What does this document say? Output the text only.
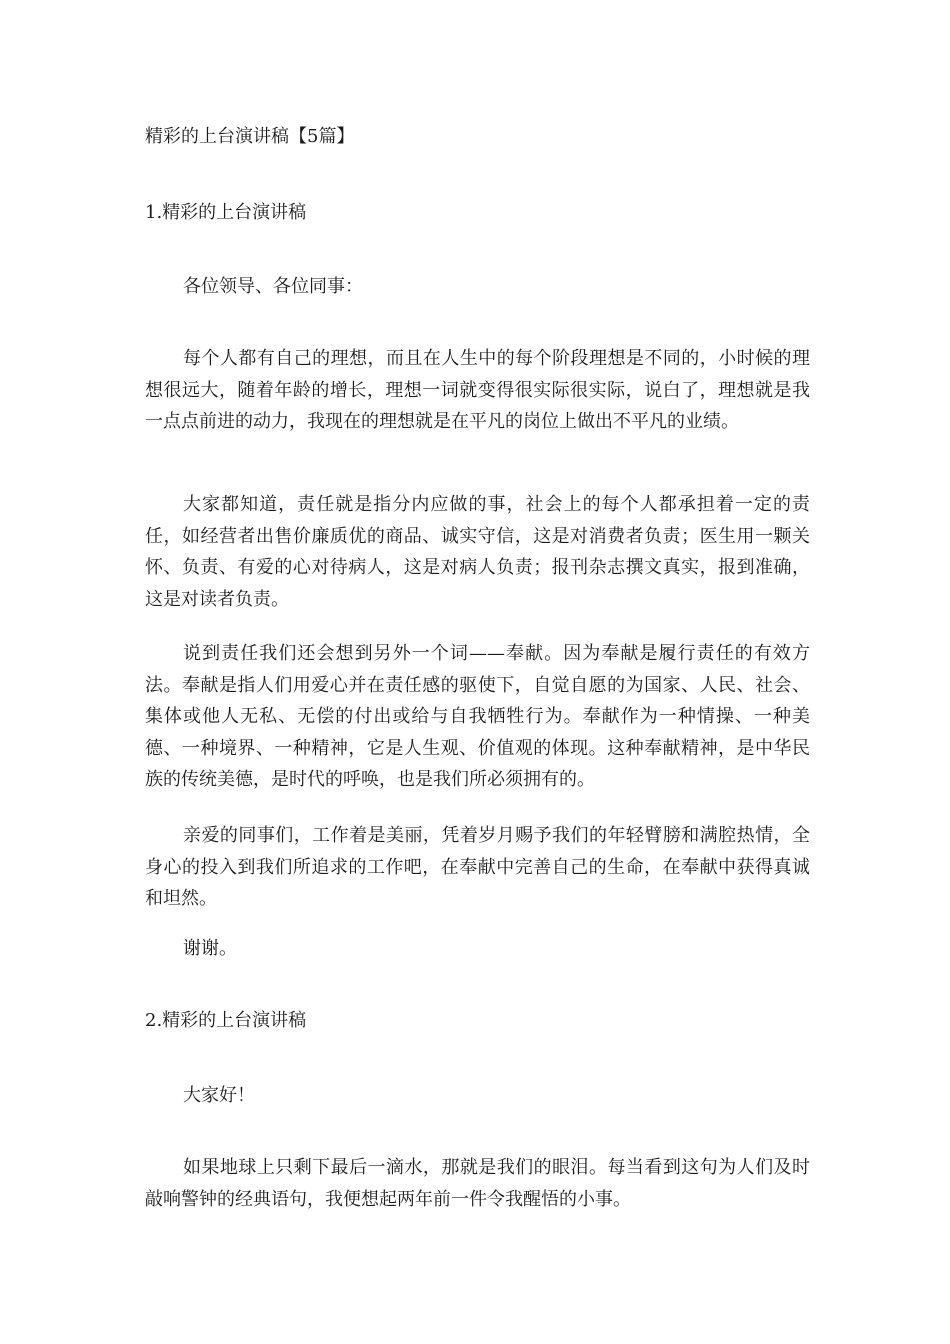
精彩的上台演讲稿【5篇】
1.精彩的上台演讲稿
各位领导、各位同事：

每个人都有自己的理想，而且在人生中的每个阶段理想是不同的，小时候的理想很远大，随着年龄的增长，理想一词就变得很实际很实际，说白了，理想就是我一点点前进的动力，我现在的理想就是在平凡的岗位上做出不平凡的业绩。

大家都知道，责任就是指分内应做的事，社会上的每个人都承担着一定的责任，如经营者出售价廉质优的商品、诚实守信，这是对消费者负责；医生用一颗关怀、负责、有爱的心对待病人，这是对病人负责；报刊杂志撰文真实，报到准确，这是对读者负责。

说到责任我们还会想到另外一个词——奉献。因为奉献是履行责任的有效方法。奉献是指人们用爱心并在责任感的驱使下，自觉自愿的为国家、人民、社会、集体或他人无私、无偿的付出或给与自我牺牲行为。奉献作为一种情操、一种美德、一种境界、一种精神，它是人生观、价值观的体现。这种奉献精神，是中华民族的传统美德，是时代的呼唤，也是我们所必须拥有的。

亲爱的同事们，工作着是美丽，凭着岁月赐予我们的年轻臂膀和满腔热情，全身心的投入到我们所追求的工作吧，在奉献中完善自己的生命，在奉献中获得真诚和坦然。

谢谢。

2.精彩的上台演讲稿
大家好！

如果地球上只剩下最后一滴水，那就是我们的眼泪。每当看到这句为人们及时敲响警钟的经典语句，我便想起两年前一件令我醒悟的小事。
